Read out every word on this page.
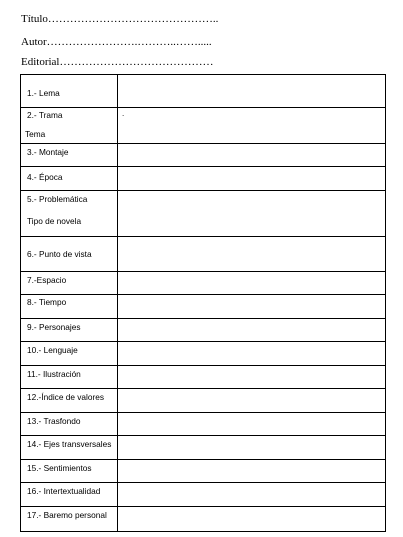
Título………………………………………..
Autor…………………….………..…….....
Editorial……………………………………
1.- Lema	

2.- Trama
Tema	.

3.- Montaje	

4.- Época	

5.- Problemática
Tipo de novela	

6.- Punto de vista	

7.-Espacio	

8.- Tiempo	

9.- Personajes	

10.- Lenguaje	

11.- Ilustración	

12.-Índice de valores	

13.- Trasfondo	

14.- Ejes transversales	

15.- Sentimientos	

16.- Intertextualidad	

17.- Baremo personal	
